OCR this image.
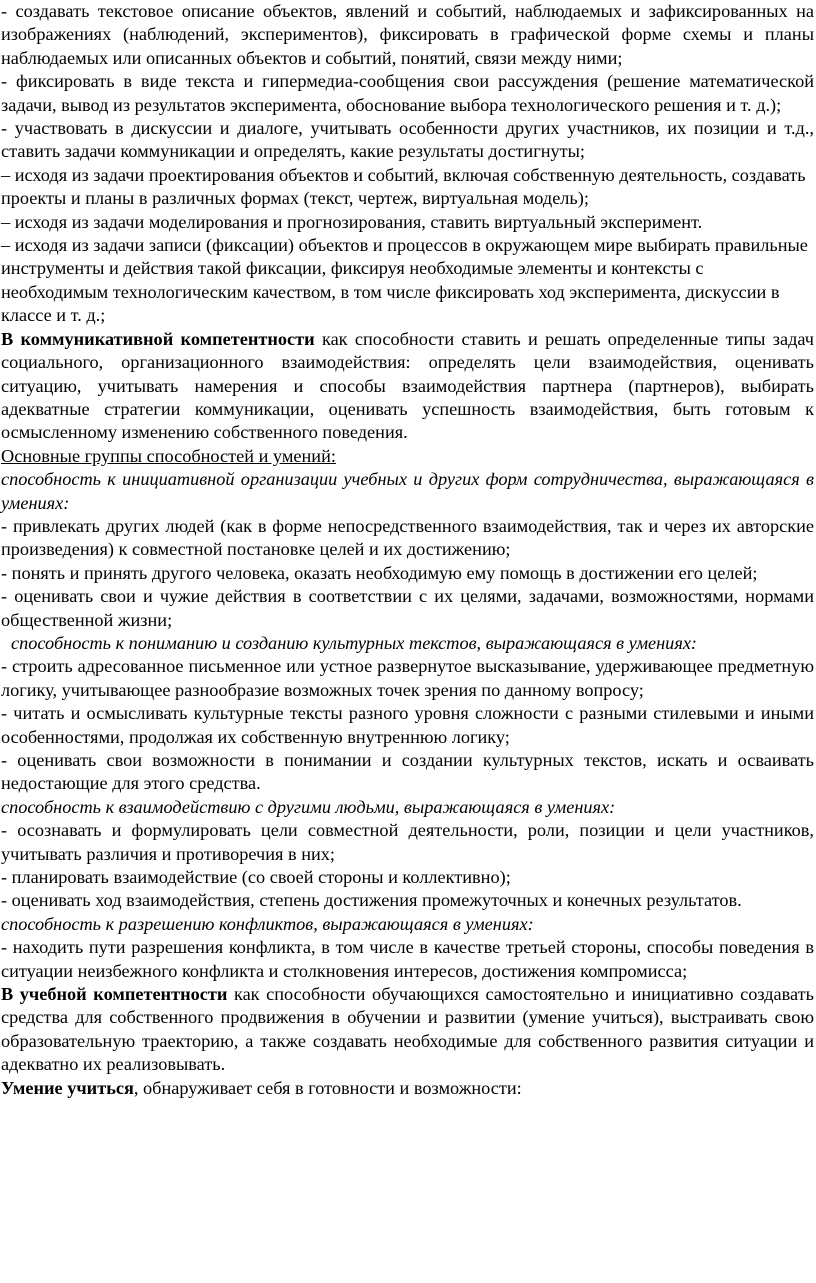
- создавать текстовое описание объектов, явлений и событий, наблюдаемых и зафиксированных на изображениях (наблюдений, экспериментов), фиксировать в графической форме схемы и планы наблюдаемых или описанных объектов и событий, понятий, связи между ними;

- фиксировать в виде текста и гипермедиа-сообщения свои рассуждения (решение математической задачи, вывод из результатов эксперимента, обоснование выбора технологического решения и т. д.);

- участвовать в дискуссии и диалоге, учитывать особенности других участников, их позиции и т.д., ставить задачи коммуникации и определять, какие результаты достигнуты;

– исходя из задачи проектирования объектов и событий, включая собственную деятельность, создавать проекты и планы в различных формах (текст, чертеж, виртуальная модель);

– исходя из задачи моделирования и прогнозирования, ставить виртуальный эксперимент.

– исходя из задачи записи (фиксации) объектов и процессов в окружающем мире выбирать правильные инструменты и действия такой фиксации, фиксируя необходимые элементы и контексты с необходимым технологическим качеством, в том числе фиксировать ход эксперимента, дискуссии в классе и т. д.;

В коммуникативной компетентности как способности ставить и решать определенные типы задач социального, организационного взаимодействия: определять цели взаимодействия, оценивать ситуацию, учитывать намерения и способы взаимодействия партнера (партнеров), выбирать адекватные стратегии коммуникации, оценивать успешность взаимодействия, быть готовым к осмысленному изменению собственного поведения.

Основные группы способностей и умений:

способность к инициативной организации учебных и других форм сотрудничества, выражающаяся в умениях:

- привлекать других людей (как в форме непосредственного взаимодействия, так и через их авторские произведения) к совместной постановке целей и их достижению;

- понять и принять другого человека, оказать необходимую ему помощь в достижении его целей;

- оценивать свои и чужие действия в соответствии с их целями, задачами, возможностями, нормами общественной жизни;

способность к пониманию и созданию культурных текстов, выражающаяся в умениях:

- строить адресованное письменное или устное развернутое высказывание, удерживающее предметную логику, учитывающее разнообразие возможных точек зрения по данному вопросу;

- читать и осмысливать культурные тексты разного уровня сложности с разными стилевыми и иными особенностями, продолжая их собственную внутреннюю логику;

- оценивать свои возможности в понимании и создании культурных текстов, искать и осваивать недостающие для этого средства.

способность к взаимодействию с другими людьми, выражающаяся в умениях:

- осознавать и формулировать цели совместной деятельности, роли, позиции и цели участников, учитывать различия и противоречия в них;

- планировать взаимодействие (со своей стороны и коллективно);

- оценивать ход взаимодействия, степень достижения промежуточных и конечных результатов.

способность к разрешению конфликтов, выражающаяся в умениях:

- находить пути разрешения конфликта, в том числе в качестве третьей стороны, способы поведения в ситуации неизбежного конфликта и столкновения интересов, достижения компромисса;

В учебной компетентности как способности обучающихся самостоятельно и инициативно создавать средства для собственного продвижения в обучении и развитии (умение учиться), выстраивать свою образовательную траекторию, а также создавать необходимые для собственного развития ситуации и адекватно их реализовывать.

Умение учиться, обнаруживает себя в готовности и возможности:
